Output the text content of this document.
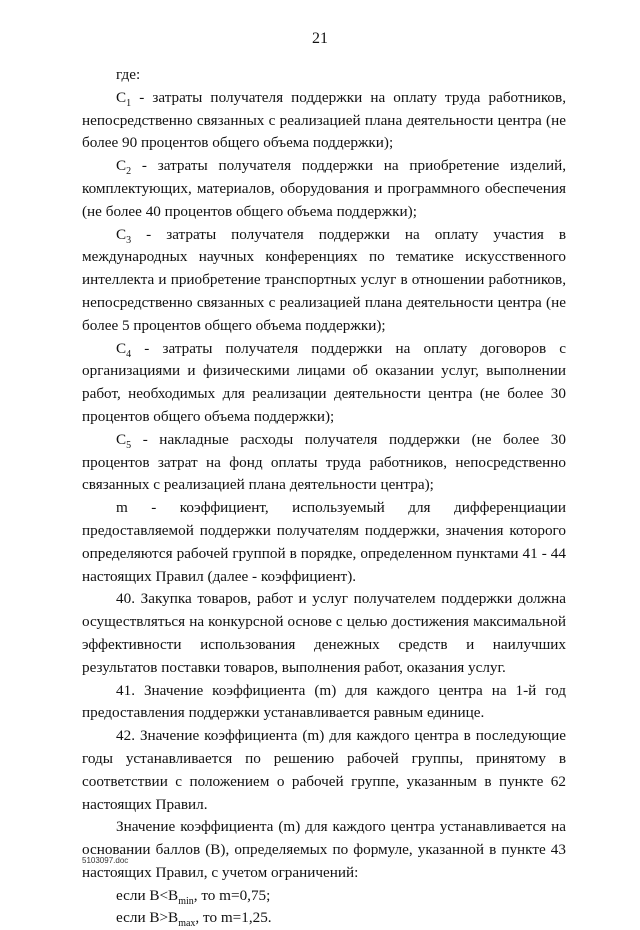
21

где:

$C_1$ - затраты получателя поддержки на оплату труда работников, непосредственно связанных с реализацией плана деятельности центра (не более 90 процентов общего объема поддержки);

$C_2$ - затраты получателя поддержки на приобретение изделий, комплектующих, материалов, оборудования и программного обеспечения (не более 40 процентов общего объема поддержки);

$C_3$ - затраты получателя поддержки на оплату участия в международных научных конференциях по тематике искусственного интеллекта и приобретение транспортных услуг в отношении работников, непосредственно связанных с реализацией плана деятельности центра (не более 5 процентов общего объема поддержки);

$C_4$ - затраты получателя поддержки на оплату договоров с организациями и физическими лицами об оказании услуг, выполнении работ, необходимых для реализации деятельности центра (не более 30 процентов общего объема поддержки);

$C_5$ - накладные расходы получателя поддержки (не более 30 процентов затрат на фонд оплаты труда работников, непосредственно связанных с реализацией плана деятельности центра);

m - коэффициент, используемый для дифференциации предоставляемой поддержки получателям поддержки, значения которого определяются рабочей группой в порядке, определенном пунктами 41 - 44 настоящих Правил (далее - коэффициент).

40. Закупка товаров, работ и услуг получателем поддержки должна осуществляться на конкурсной основе с целью достижения максимальной эффективности использования денежных средств и наилучших результатов поставки товаров, выполнения работ, оказания услуг.

41. Значение коэффициента (m) для каждого центра на 1-й год предоставления поддержки устанавливается равным единице.

42. Значение коэффициента (m) для каждого центра в последующие годы устанавливается по решению рабочей группы, принятому в соответствии с положением о рабочей группе, указанным в пункте 62 настоящих Правил.

Значение коэффициента (m) для каждого центра устанавливается на основании баллов (B), определяемых по формуле, указанной в пункте 43 настоящих Правил, с учетом ограничений:

если $B<B_{min}$, то m=0,75;

если $B>B_{max}$, то m=1,25.

5103097.doc
